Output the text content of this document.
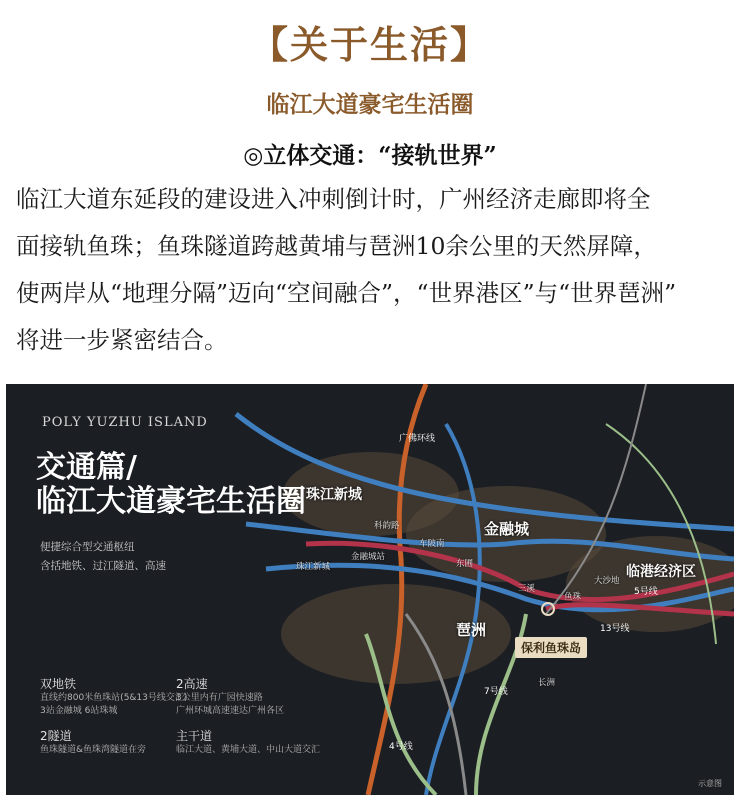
【关于生活】
临江大道豪宅生活圈
◎立体交通：“接轨世界”
临江大道东延段的建设进入冲刺倒计时，广州经济走廊即将全
面接轨鱼珠；鱼珠隧道跨越黄埔与琶洲10余公里的天然屏障，
使两岸从“地理分隔”迈向“空间融合”，“世界港区”与“世界琶洲”
将进一步紧密结合。
POLY YUZHU ISLAND
交通篇/
临江大道豪宅生活圈
便捷综合型交通枢纽
含括地铁、过江隧道、高速
双地铁
直线约800米鱼珠站(5&13号线交汇)
3站金融城 6站珠城
2高速
3公里内有广园快速路
广州环城高速速达广州各区
2隧道
鱼珠隧道&鱼珠湾隧道在旁
主干道
临江大道、黄埔大道、中山大道交汇
珠江新城
金融城
临港经济区
琶洲
保利鱼珠岛
科韵路
车陂南
东圃
三溪
鱼珠
大沙地
长洲
金融城站
珠江新城
5号线
13号线
7号线
4号线
广佛环线
示意图
